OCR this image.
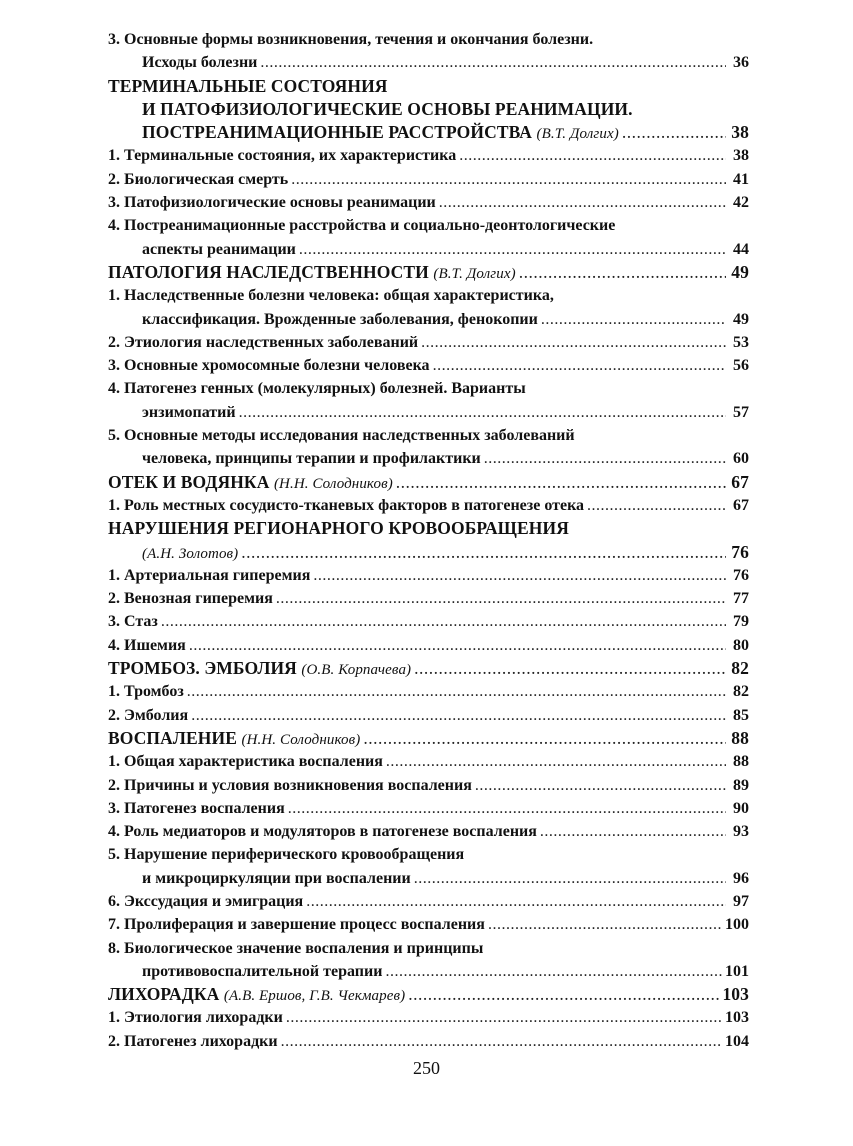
3. Основные формы возникновения, течения и окончания болезни.
Исходы болезни .....	36
ТЕРМИНАЛЬНЫЕ СОСТОЯНИЯ
И ПАТОФИЗИОЛОГИЧЕСКИЕ ОСНОВЫ РЕАНИМАЦИИ.
ПОСТРЕАНИМАЦИОННЫЕ РАССТРОЙСТВА (В.Т. Долгих) .....	38
1. Терминальные состояния, их характеристика .....	38
2. Биологическая смерть .....	41
3. Патофизиологические основы реанимации .....	42
4. Постреанимационные расстройства и социально-деонтологические
аспекты реанимации .....	44
ПАТОЛОГИЯ НАСЛЕДСТВЕННОСТИ (В.Т. Долгих) .....	49
1. Наследственные болезни человека: общая характеристика,
классификация. Врожденные заболевания, фенокопии .....	49
2. Этиология наследственных заболеваний .....	53
3. Основные хромосомные болезни человека .....	56
4. Патогенез генных (молекулярных) болезней. Варианты
энзимопатий .....	57
5. Основные методы исследования наследственных заболеваний
человека, принципы терапии и профилактики .....	60
ОТЕК И ВОДЯНКА (Н.Н. Солодников) .....	67
1. Роль местных сосудисто-тканевых факторов в патогенезе отека .....	67
НАРУШЕНИЯ РЕГИОНАРНОГО КРОВООБРАЩЕНИЯ
(А.Н. Золотов) .....	76
1. Артериальная гиперемия .....	76
2. Венозная гиперемия .....	77
3. Стаз .....	79
4. Ишемия .....	80
ТРОМБОЗ. ЭМБОЛИЯ (О.В. Корпачева) .....	82
1. Тромбоз .....	82
2. Эмболия .....	85
ВОСПАЛЕНИЕ (Н.Н. Солодников) .....	88
1. Общая характеристика воспаления .....	88
2. Причины и условия возникновения воспаления .....	89
3. Патогенез воспаления .....	90
4. Роль медиаторов и модуляторов в патогенезе воспаления .....	93
5. Нарушение периферического кровообращения
и микроциркуляции при воспалении .....	96
6. Экссудация и эмиграция .....	97
7. Пролиферация и завершение процесс воспаления .....	100
8. Биологическое значение воспаления и принципы
противовоспалительной терапии .....	101
ЛИХОРАДКА (А.В. Ершов, Г.В. Чекмарев) .....	103
1. Этиология лихорадки .....	103
2. Патогенез лихорадки .....	104
250
